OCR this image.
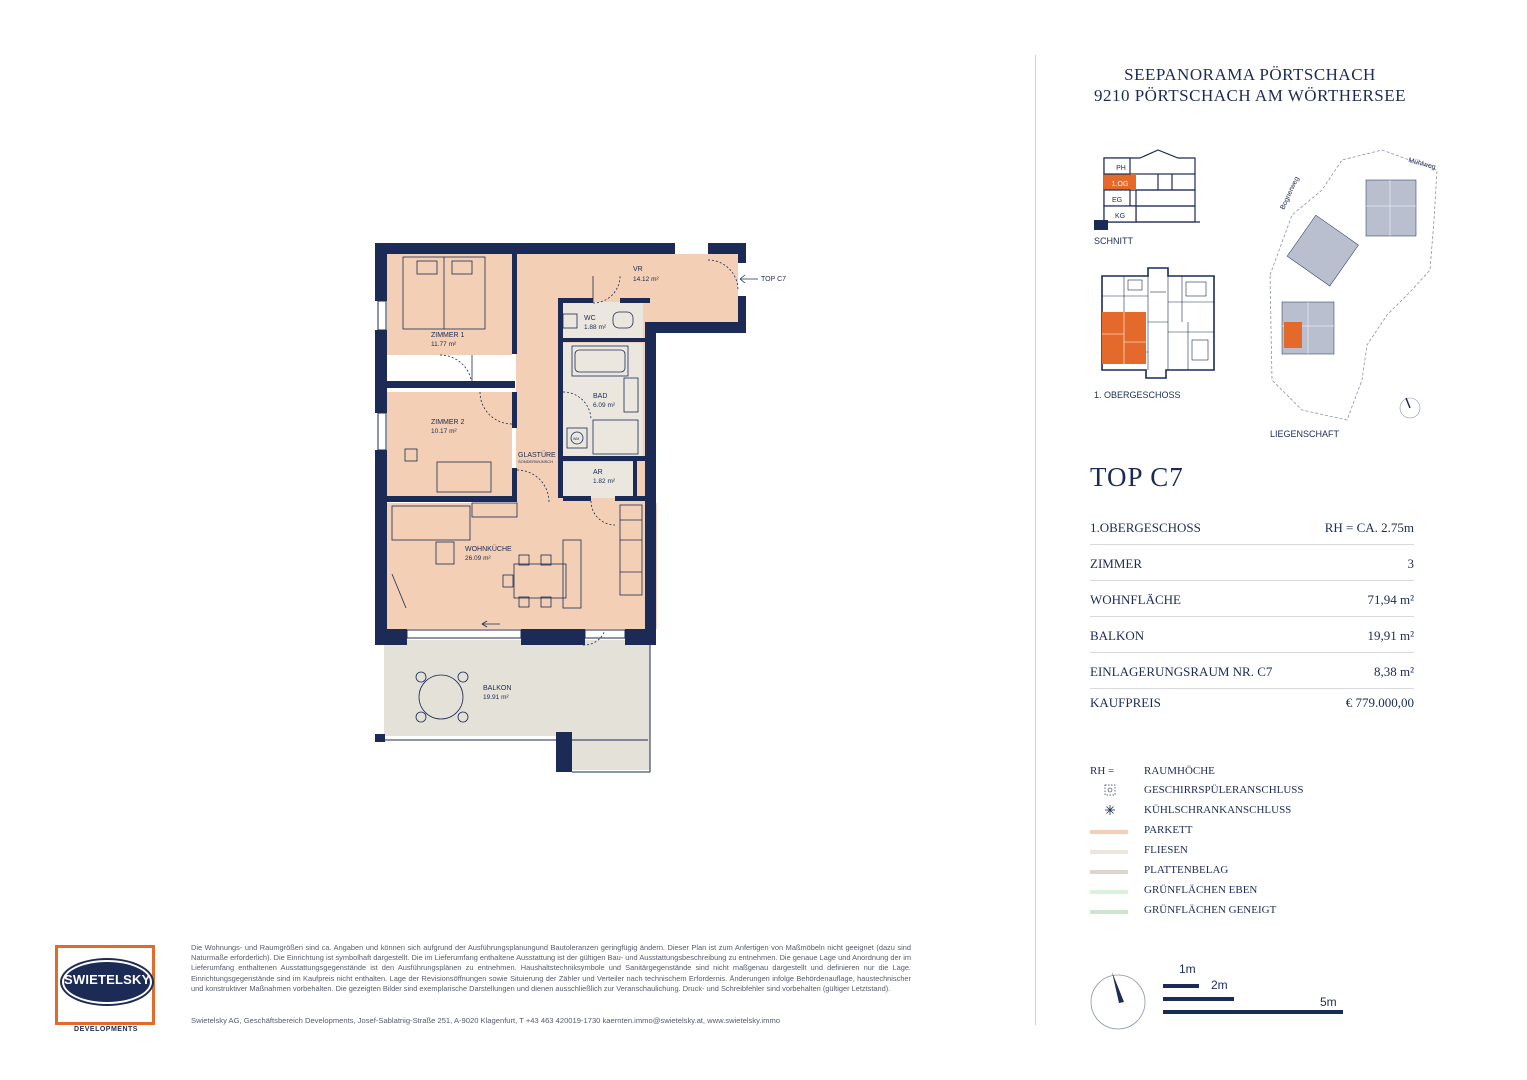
ZIMMER 1
11.77 m²
ZIMMER 2
10.17 m²
VR
14.12 m²
WC
1.88 m²
BAD
6.09 m²
AR
1.82 m²
WOHNKÜCHE
26.09 m²
BALKON
19.91 m²
GLASTÜRE
SONDERWUNSCH
TOP C7
WM
SEEPANORAMA PÖRTSCHACH
9210 PÖRTSCHACH AM WÖRTHERSEE
PH
1.OG
EG
KG
SCHNITT
1. OBERGESCHOSS
Bognerweg
Mühlweg
LIEGENSCHAFT
TOP C7
1.OBERGESCHOSS	RH = CA. 2.75m
ZIMMER	3
WOHNFLÄCHE	71,94 m²
BALKON	19,91 m²
EINLAGERUNGSRAUM NR. C7	8,38 m²
KAUFPREIS	€ 779.000,00
RH =	RAUMHÖCHE
GESCHIRRSPÜLERANSCHLUSS
KÜHLSCHRANKANSCHLUSS
PARKETT
FLIESEN
PLATTENBELAG
GRÜNFLÄCHEN EBEN
GRÜNFLÄCHEN GENEIGT
1m
2m
5m
SWIETELSKY
DEVELOPMENTS
Die Wohnungs- und Raumgrößen sind ca. Angaben und können sich aufgrund der Ausführungsplanungund Bautoleranzen geringfügig ändern. Dieser Plan ist zum Anfertigen von Maßmöbeln nicht geeignet (dazu sind Naturmaße erforderlich). Die Einrichtung ist symbolhaft dargestellt. Die im Lieferumfang enthaltene Ausstattung ist der gültigen Bau- und Ausstattungsbeschreibung zu entnehmen. Die genaue Lage und Anordnung der im Lieferumfang enthaltenen Ausstattungsgegenstände ist den Ausführungsplänen zu entnehmen. Haushaltstechniksymbole und Sanitärgegenstände sind nicht maßgenau dargestellt und definieren nur die Lage. Einrichtungsgegenstände sind im Kaufpreis nicht enthalten. Lage der Revisionsöffnungen sowie Situierung der Zähler und Verteiler nach technischem Erfordernis. Änderungen infolge Behördenauflage, haustechnischer und konstruktiver Maßnahmen vorbehalten. Die gezeigten Bilder sind exemplarische Darstellungen und dienen ausschließlich zur Veranschaulichung. Druck- und Schreibfehler sind vorbehalten (gültiger Letztstand).
Swietelsky AG, Geschäftsbereich Developments, Josef-Sablatnig-Straße 251, A-9020 Klagenfurt, T +43 463 420019-1730 kaernten.immo@swietelsky.at, www.swietelsky.immo
